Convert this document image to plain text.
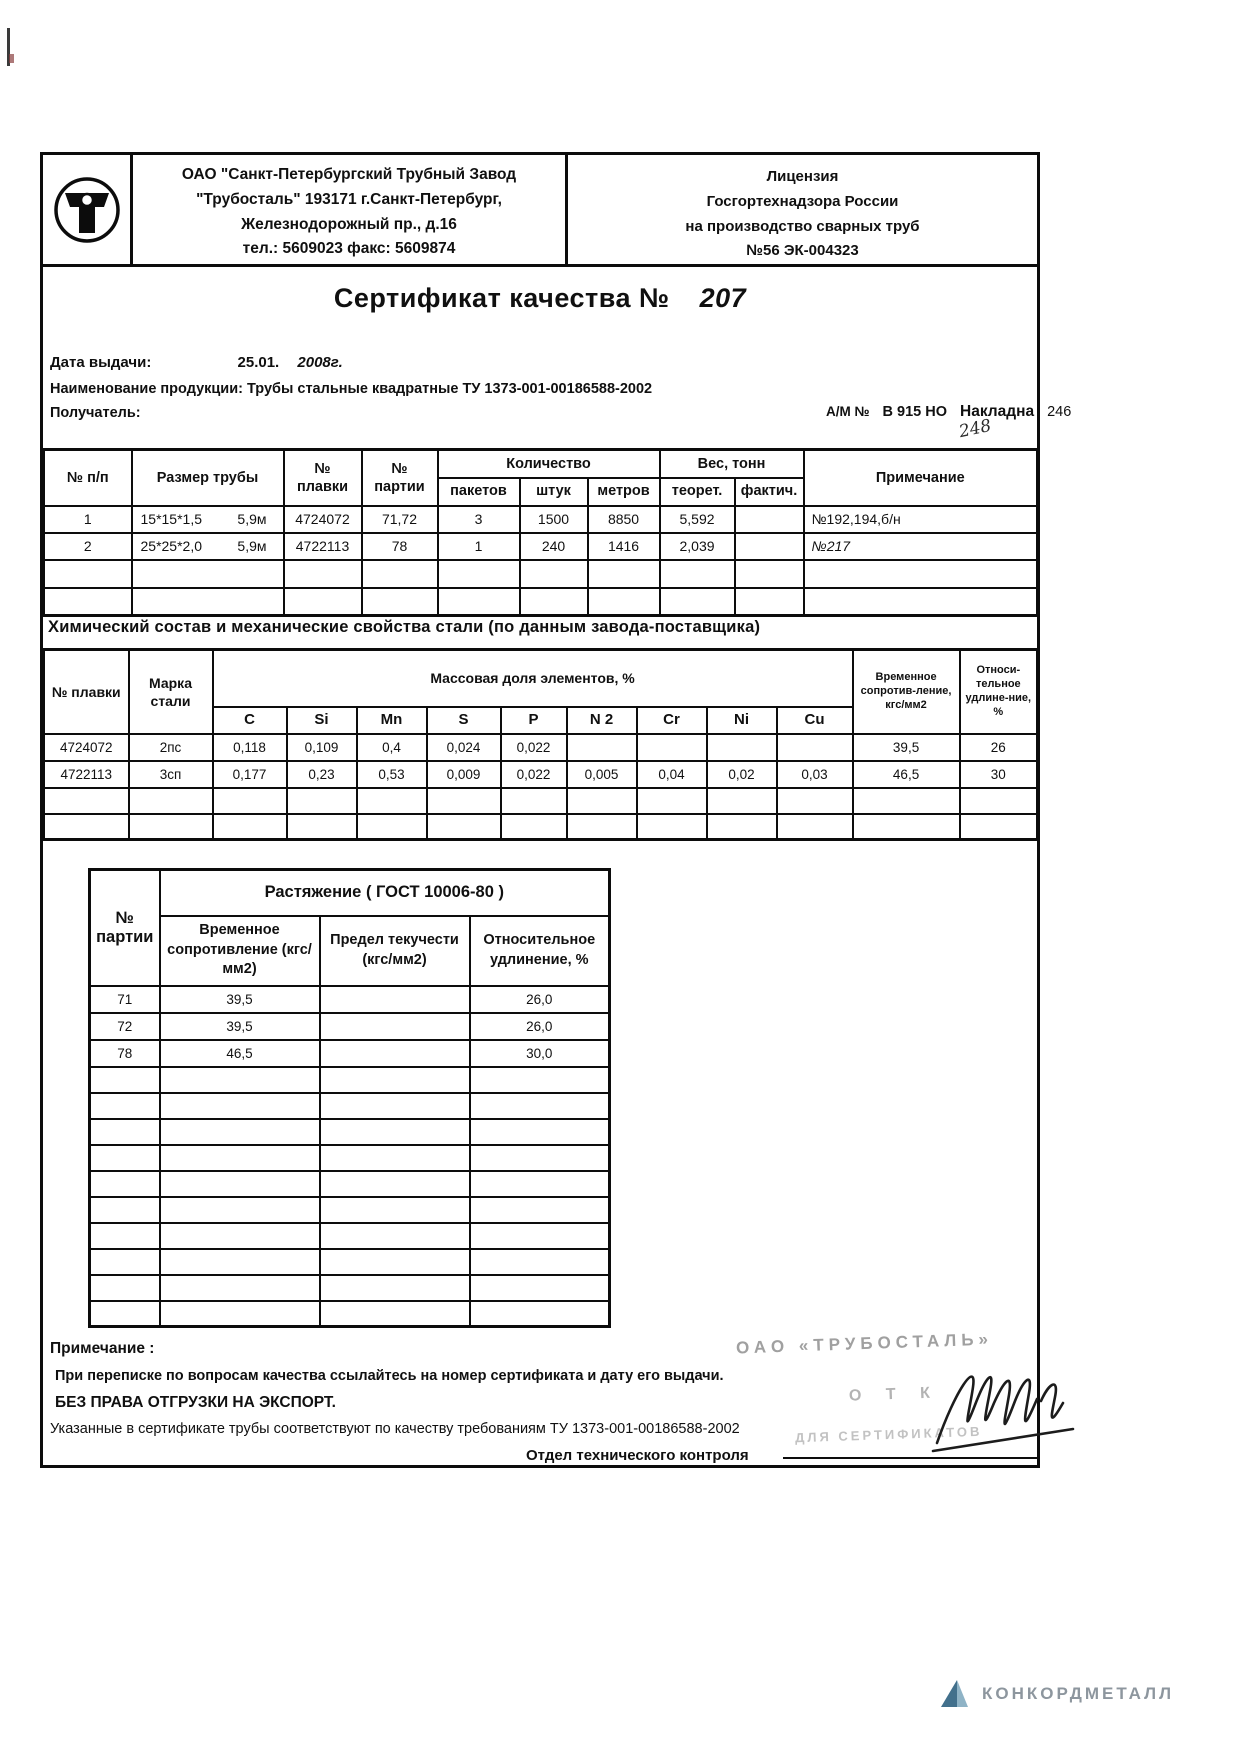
ОАО "Санкт-Петербургский Трубный Завод
"Трубосталь" 193171 г.Санкт-Петербург,
Железнодорожный пр., д.16
тел.: 5609023 факс: 5609874
Лицензия
Госгортехнадзора России
на производство сварных труб
№56 ЭК-004323
Сертификат качества № 207
Дата выдачи:	25.01. 2008г.
Наименование продукции: Трубы стальные квадратные ТУ 1373-001-00186588-2002
Получатель:	А/М № В 915 НО Накладна 246
248
№ п/п	Размер трубы	№ плавки	№ партии	Количество			Вес, тонн		Примечание
				пакетов	штук	метров	теорет.	фактич.	
1	15*15*1,5 5,9м	4724072	71,72	3	1500	8850	5,592		№192,194,б/н
2	25*25*2,0 5,9м	4722113	78	1	240	1416	2,039		№217

Химический состав и механические свойства стали (по данным завода-поставщика)
№ плавки	Марка стали	Массовая доля элементов, %									Временное сопротив-ление, кгс/мм2	Относи-тельное удлине-ние, %
		C	Si	Mn	S	P	N 2	Cr	Ni	Cu		
4724072	2пс	0,118	0,109	0,4	0,024	0,022					39,5	26
4722113	3сп	0,177	0,23	0,53	0,009	0,022	0,005	0,04	0,02	0,03	46,5	30

№ партии	Растяжение ( ГОСТ 10006-80 )		
	Временное сопротивление (кгс/мм2)	Предел текучести (кгс/мм2)	Относительное удлинение, %
71	39,5		26,0
72	39,5		26,0
78	46,5		30,0

Примечание :
При переписке по вопросам качества ссылайтесь на номер сертификата и дату его выдачи.
БЕЗ ПРАВА ОТГРУЗКИ НА ЭКСПОРТ.
Указанные в сертификате трубы соответствуют по качеству требованиям ТУ 1373-001-00186588-2002
Отдел технического контроля
ОАО «ТРУБОСТАЛЬ»
О Т К
ДЛЯ СЕРТИФИКАТОВ
КОНКОРДМЕТАЛЛ
